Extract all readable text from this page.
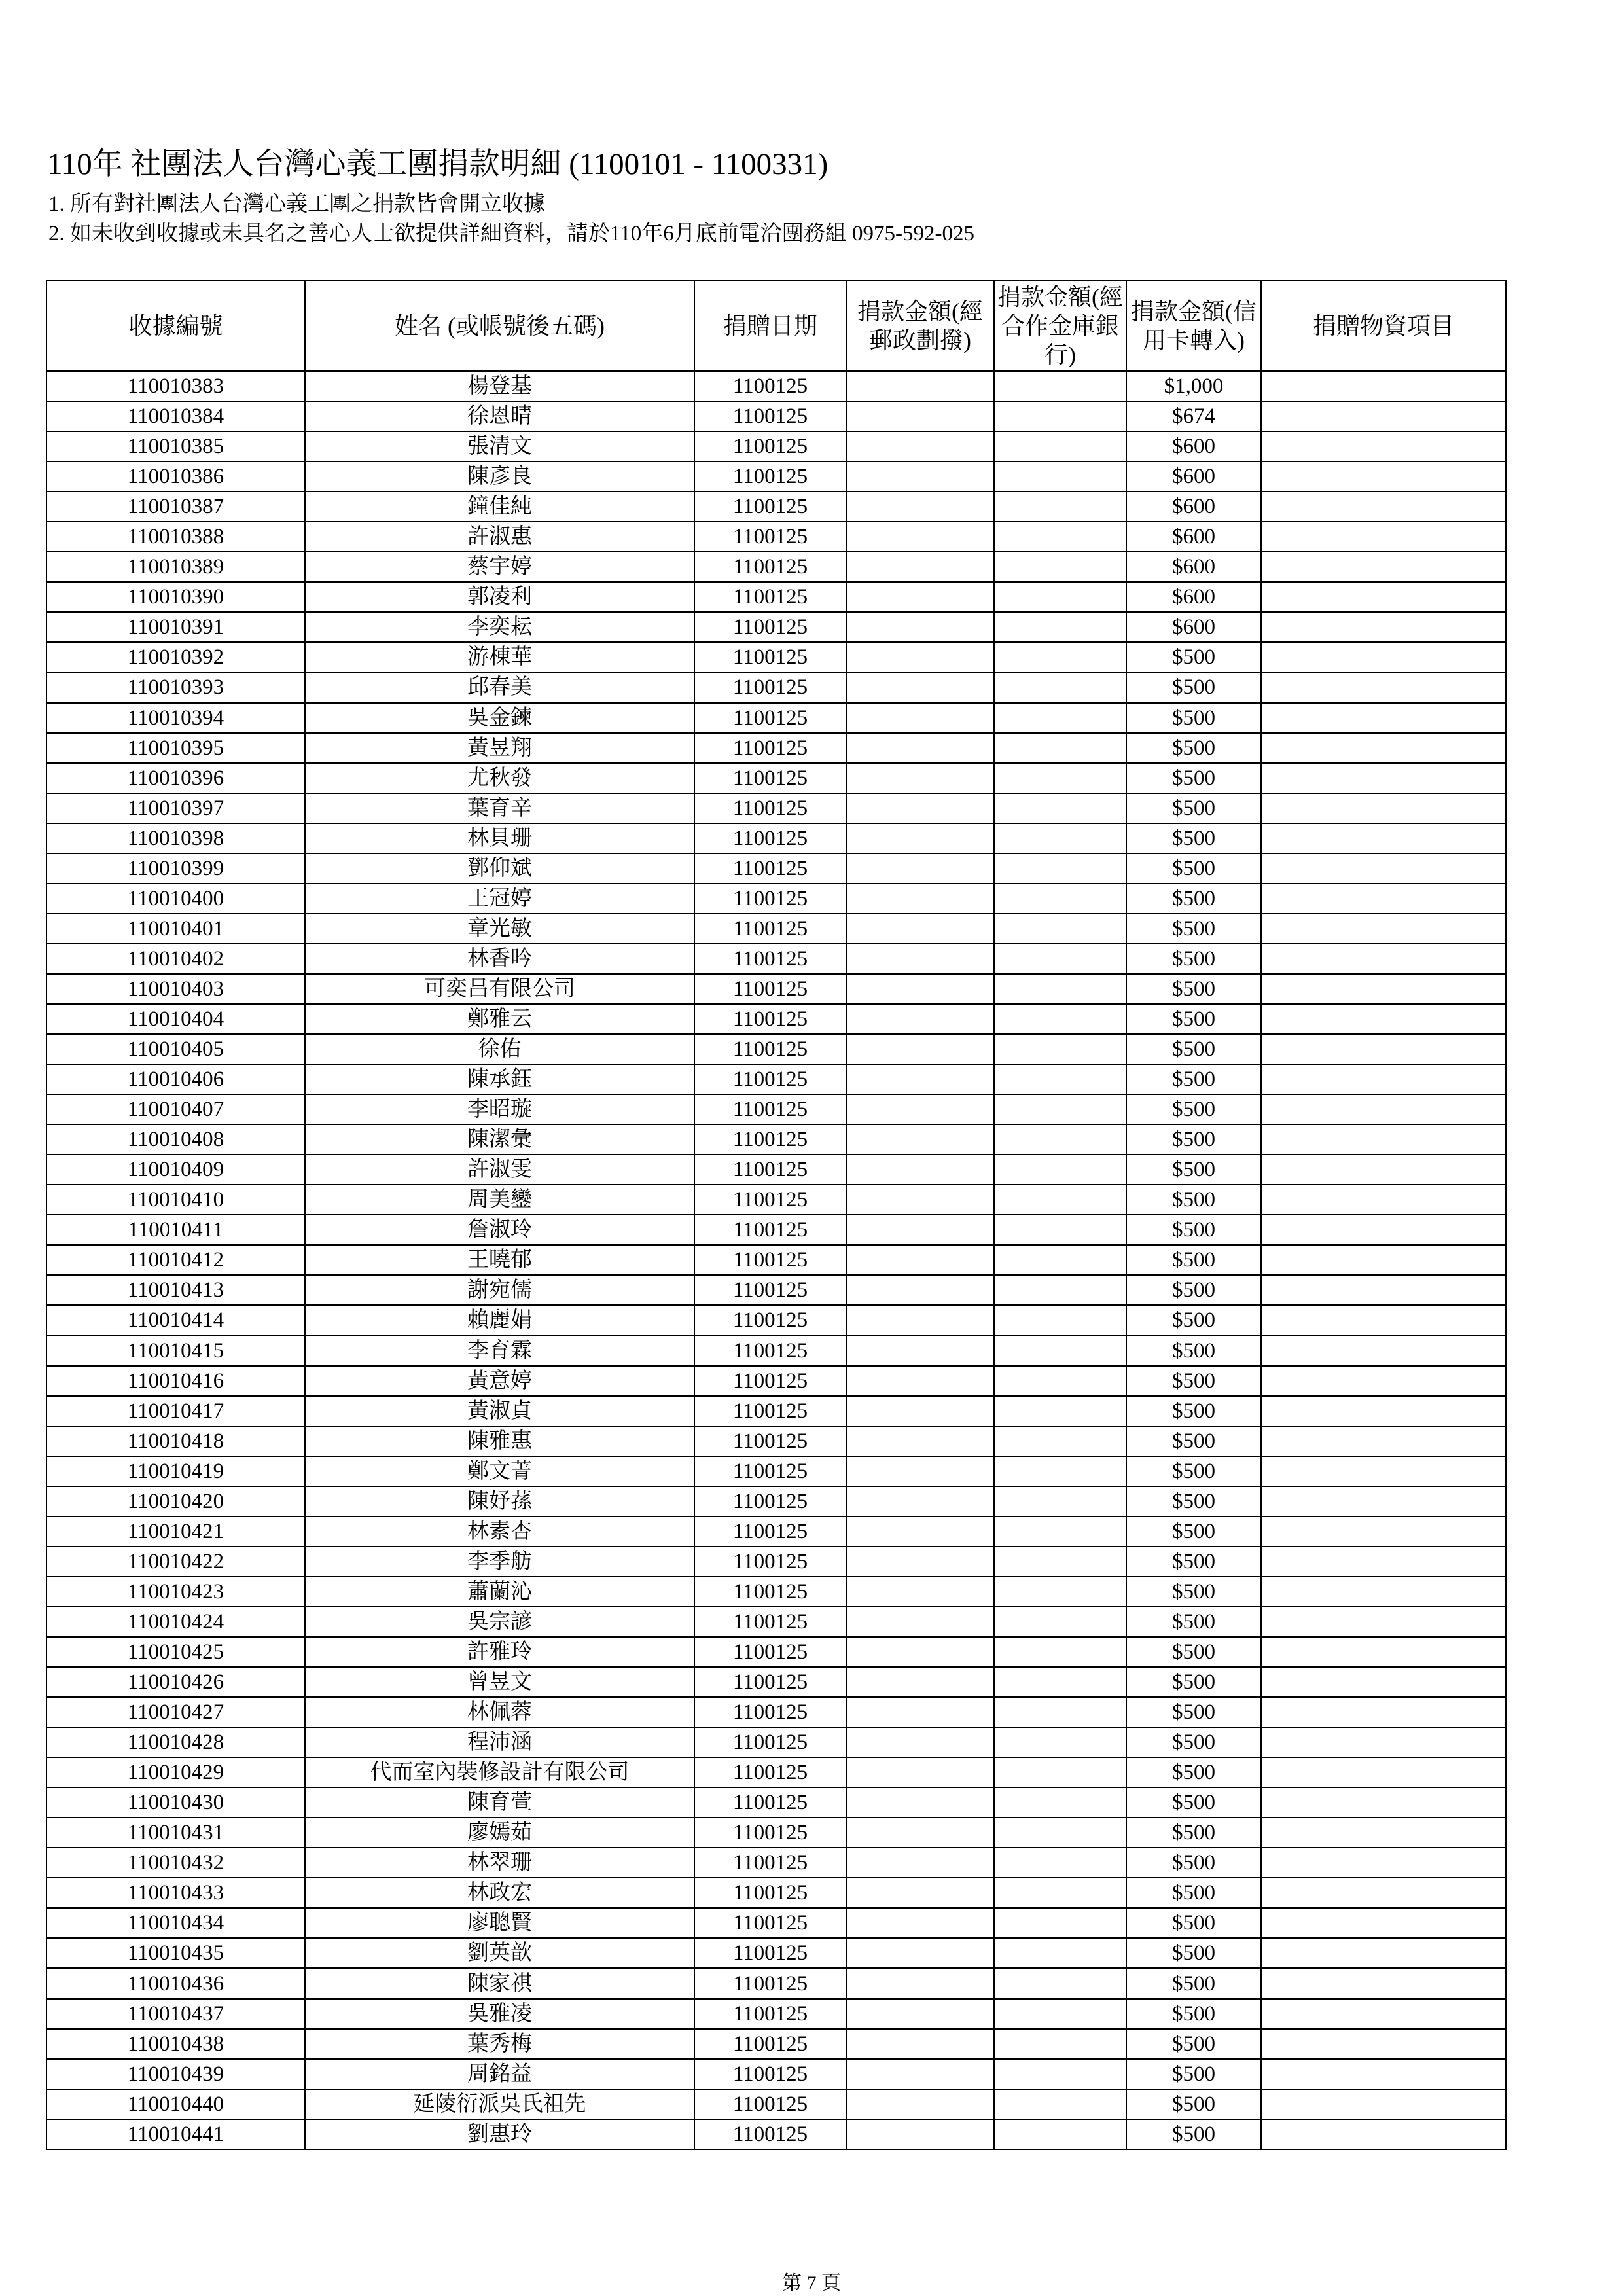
110年 社團法人台灣心義工團捐款明細 (1100101 - 1100331)
1. 所有對社團法人台灣心義工團之捐款皆會開立收據
2. 如未收到收據或未具名之善心人士欲提供詳細資料，請於110年6月底前電洽團務組 0975-592-025
收據編號	姓名 (或帳號後五碼)	捐贈日期	捐款金額(經郵政劃撥)	捐款金額(經合作金庫銀行)	捐款金額(信用卡轉入)	捐贈物資項目
110010383	楊登基	1100125			$1,000	
110010384	徐恩晴	1100125			$674	
110010385	張清文	1100125			$600	
110010386	陳彥良	1100125			$600	
110010387	鐘佳純	1100125			$600	
110010388	許淑惠	1100125			$600	
110010389	蔡宇婷	1100125			$600	
110010390	郭凌利	1100125			$600	
110010391	李奕耘	1100125			$600	
110010392	游棟華	1100125			$500	
110010393	邱春美	1100125			$500	
110010394	吳金鍊	1100125			$500	
110010395	黃昱翔	1100125			$500	
110010396	尤秋發	1100125			$500	
110010397	葉育辛	1100125			$500	
110010398	林貝珊	1100125			$500	
110010399	鄧仰斌	1100125			$500	
110010400	王冠婷	1100125			$500	
110010401	章光敏	1100125			$500	
110010402	林香吟	1100125			$500	
110010403	可奕昌有限公司	1100125			$500	
110010404	鄭雅云	1100125			$500	
110010405	徐佑	1100125			$500	
110010406	陳承鈺	1100125			$500	
110010407	李昭璇	1100125			$500	
110010408	陳潔彙	1100125			$500	
110010409	許淑雯	1100125			$500	
110010410	周美鑾	1100125			$500	
110010411	詹淑玲	1100125			$500	
110010412	王曉郁	1100125			$500	
110010413	謝宛儒	1100125			$500	
110010414	賴麗娟	1100125			$500	
110010415	李育霖	1100125			$500	
110010416	黃意婷	1100125			$500	
110010417	黃淑貞	1100125			$500	
110010418	陳雅惠	1100125			$500	
110010419	鄭文菁	1100125			$500	
110010420	陳妤蓀	1100125			$500	
110010421	林素杏	1100125			$500	
110010422	李季舫	1100125			$500	
110010423	蕭蘭沁	1100125			$500	
110010424	吳宗諺	1100125			$500	
110010425	許雅玲	1100125			$500	
110010426	曾昱文	1100125			$500	
110010427	林佩蓉	1100125			$500	
110010428	程沛涵	1100125			$500	
110010429	代而室內裝修設計有限公司	1100125			$500	
110010430	陳育萱	1100125			$500	
110010431	廖嫣茹	1100125			$500	
110010432	林翠珊	1100125			$500	
110010433	林政宏	1100125			$500	
110010434	廖聰賢	1100125			$500	
110010435	劉英歆	1100125			$500	
110010436	陳家祺	1100125			$500	
110010437	吳雅凌	1100125			$500	
110010438	葉秀梅	1100125			$500	
110010439	周銘益	1100125			$500	
110010440	延陵衍派吳氏祖先	1100125			$500	
110010441	劉惠玲	1100125			$500	
第 7 頁
